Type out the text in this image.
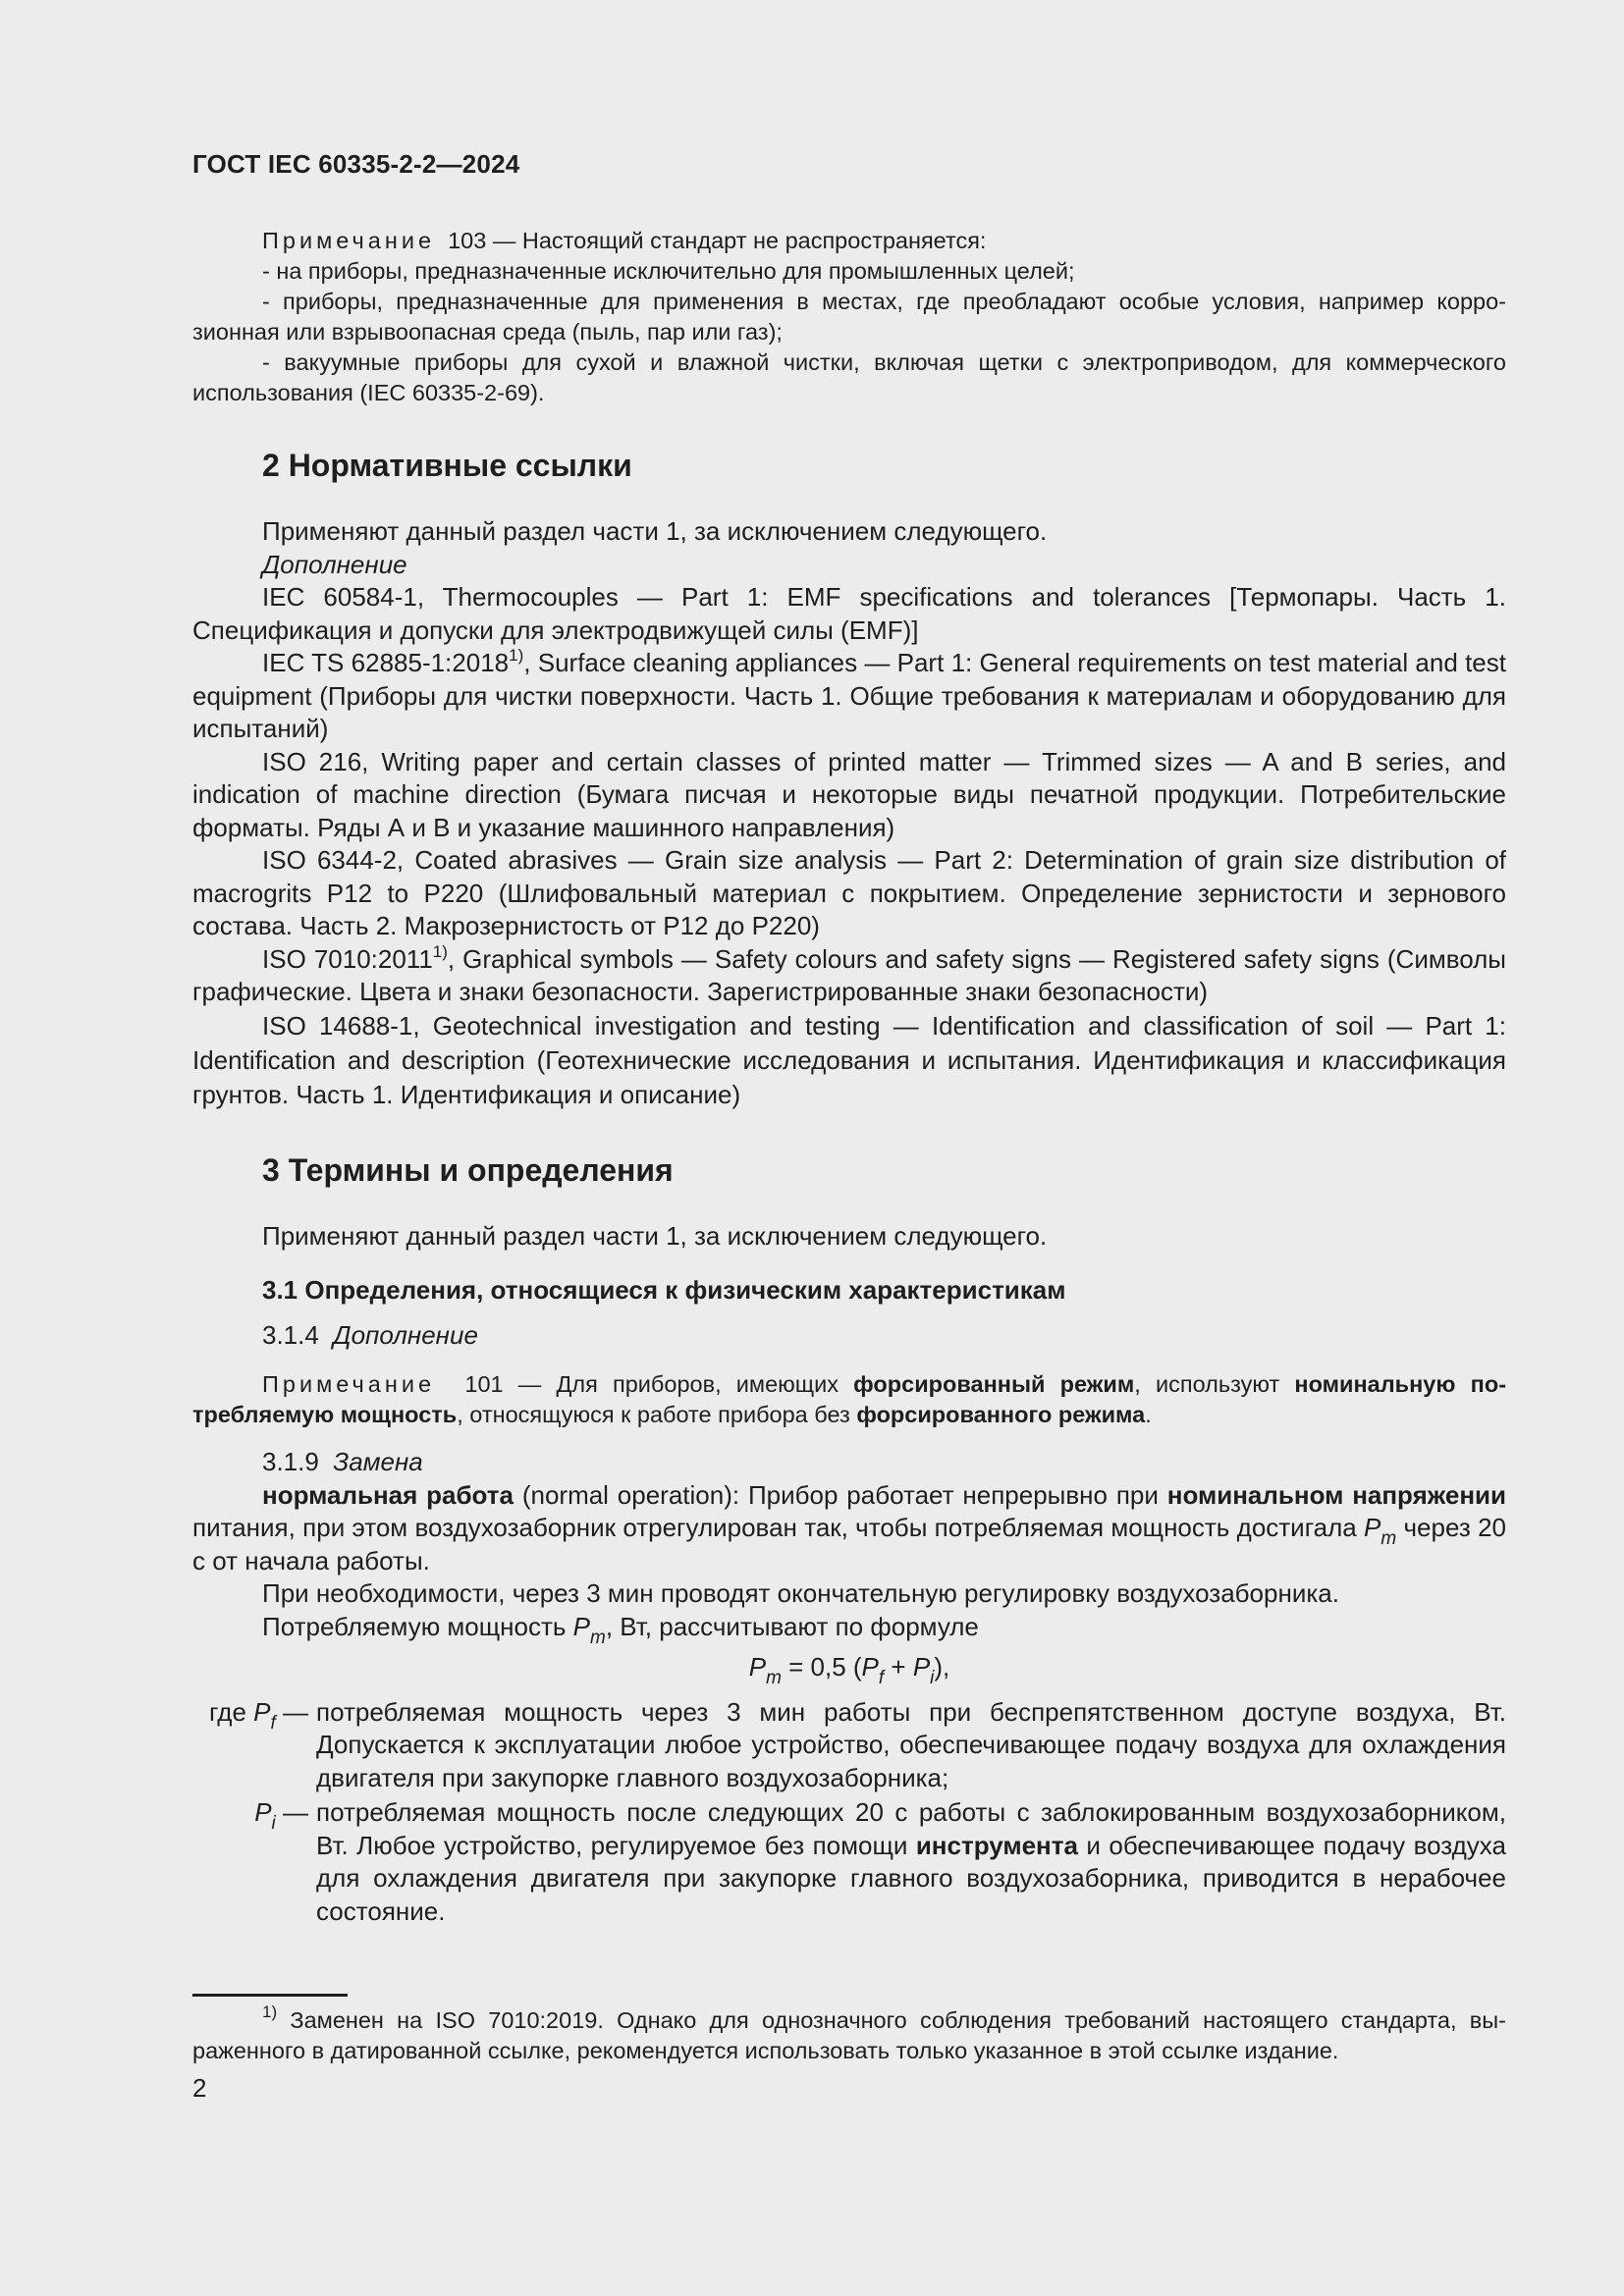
ГОСТ IEC 60335-2-2—2024

Примечание 103 — Настоящий стандарт не распространяется:

- на приборы, предназначенные исключительно для промышленных целей;

- приборы, предназначенные для применения в местах, где преобладают особые условия, например коррозионная или взрывоопасная среда (пыль, пар или газ);

- вакуумные приборы для сухой и влажной чистки, включая щетки с электроприводом, для коммерческого использования (IEC 60335-2-69).

2 Нормативные ссылки

Применяют данный раздел части 1, за исключением следующего.

Дополнение

IEC 60584-1, Thermocouples — Part 1: EMF specifications and tolerances [Термопары. Часть 1. Спецификация и допуски для электродвижущей силы (EMF)]

IEC TS 62885-1:2018$^{1)}$, Surface cleaning appliances — Part 1: General requirements on test material and test equipment (Приборы для чистки поверхности. Часть 1. Общие требования к материалам и оборудованию для испытаний)

ISO 216, Writing paper and certain classes of printed matter — Trimmed sizes — A and B series, and indication of machine direction (Бумага писчая и некоторые виды печатной продукции. Потребительские форматы. Ряды А и В и указание машинного направления)

ISO 6344-2, Coated abrasives — Grain size analysis — Part 2: Determination of grain size distribution of macrogrits P12 to P220 (Шлифовальный материал с покрытием. Определение зернистости и зернового состава. Часть 2. Макрозернистость от P12 до P220)

ISO 7010:2011$^{1)}$, Graphical symbols — Safety colours and safety signs — Registered safety signs (Символы графические. Цвета и знаки безопасности. Зарегистрированные знаки безопасности)

ISO 14688-1, Geotechnical investigation and testing — Identification and classification of soil — Part 1: Identification and description (Геотехнические исследования и испытания. Идентификация и классификация грунтов. Часть 1. Идентификация и описание)

3 Термины и определения

Применяют данный раздел части 1, за исключением следующего.

3.1 Определения, относящиеся к физическим характеристикам

3.1.4 Дополнение

Примечание 101 — Для приборов, имеющих форсированный режим, используют номинальную потребляемую мощность, относящуюся к работе прибора без форсированного режима.

3.1.9 Замена

нормальная работа (normal operation): Прибор работает непрерывно при номинальном напряжении питания, при этом воздухозаборник отрегулирован так, чтобы потребляемая мощность достигала $P_m$ через 20 с от начала работы.

При необходимости, через 3 мин проводят окончательную регулировку воздухозаборника.

Потребляемую мощность $P_m$, Вт, рассчитывают по формуле

$P_m = 0,5$ $(P_f + P_i)$,
где $P_f$ — потребляемая мощность через 3 мин работы при беспрепятственном доступе воздуха, Вт. Допускается к эксплуатации любое устройство, обеспечивающее подачу воздуха для охлаждения двигателя при закупорке главного воздухозаборника;
$P_i$ — потребляемая мощность после следующих 20 с работы с заблокированным воздухозаборником, Вт. Любое устройство, регулируемое без помощи инструмента и обеспечивающее подачу воздуха для охлаждения двигателя при закупорке главного воздухозаборника, приводится в нерабочее состояние.

$^{1)}$ Заменен на ISO 7010:2019. Однако для однозначного соблюдения требований настоящего стандарта, выраженного в датированной ссылке, рекомендуется использовать только указанное в этой ссылке издание.

2
